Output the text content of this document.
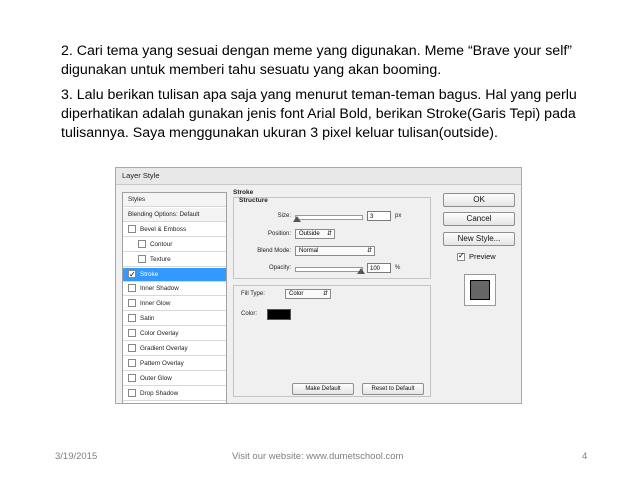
2. Cari tema yang sesuai dengan meme yang digunakan. Meme “Brave your self” digunakan untuk memberi tahu sesuatu yang akan booming.

3. Lalu berikan tulisan apa saja yang menurut teman-teman bagus. Hal yang perlu diperhatikan adalah gunakan jenis font Arial Bold, berikan Stroke(Garis Tepi) pada tulisannya. Saya menggunakan ukuran 3 pixel keluar tulisan(outside).

Layer Style
Styles
Blending Options: Default
Bevel & Emboss
Contour
Texture
✓
Stroke
Inner Shadow
Inner Glow
Satin
Color Overlay
Gradient Overlay
Pattern Overlay
Outer Glow
Drop Shadow
Stroke
Structure
Size:	3	px
Position:	Outside ⇵
Blend Mode:	Normal	⇵
Opacity:	100	%
Fill Type:	Color	⇵
Color:
Make Default	Reset to Default
OK
Cancel
New Style...
✓
Preview
3/19/2015	Visit our website: www.dumetschool.com	4
